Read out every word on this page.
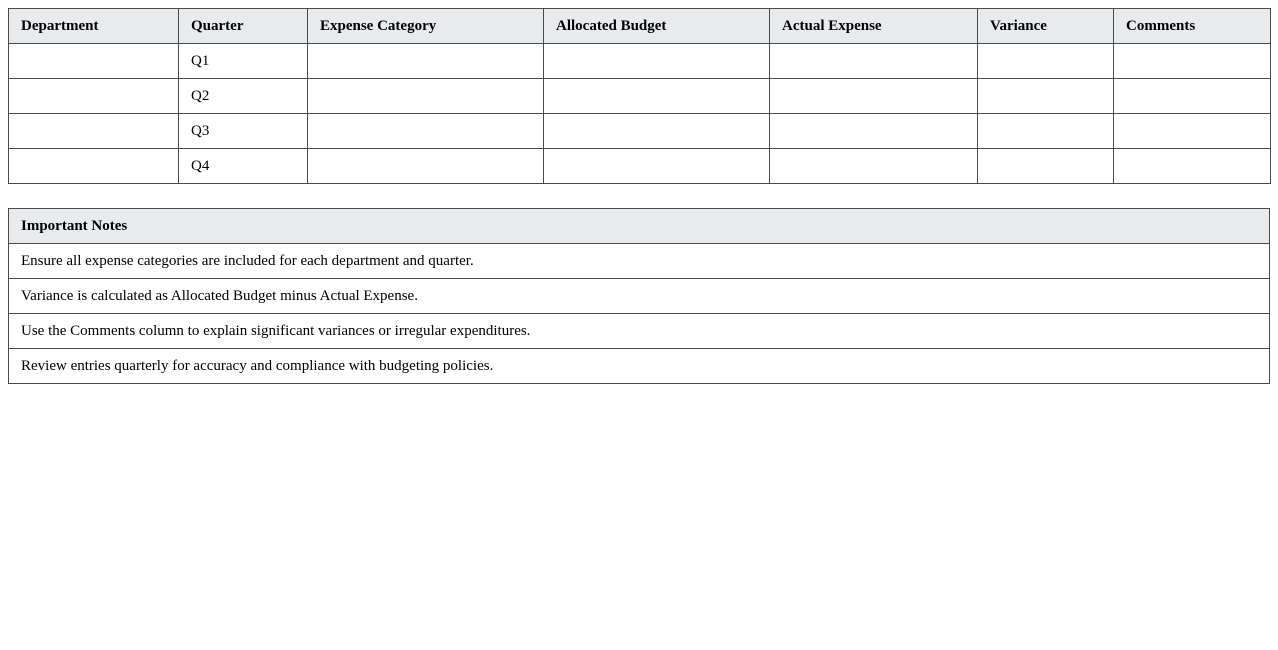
Department	Quarter	Expense Category	Allocated Budget	Actual Expense	Variance	Comments
	Q1					
	Q2					
	Q3					
	Q4					
Important Notes
Ensure all expense categories are included for each department and quarter.
Variance is calculated as Allocated Budget minus Actual Expense.
Use the Comments column to explain significant variances or irregular expenditures.
Review entries quarterly for accuracy and compliance with budgeting policies.
